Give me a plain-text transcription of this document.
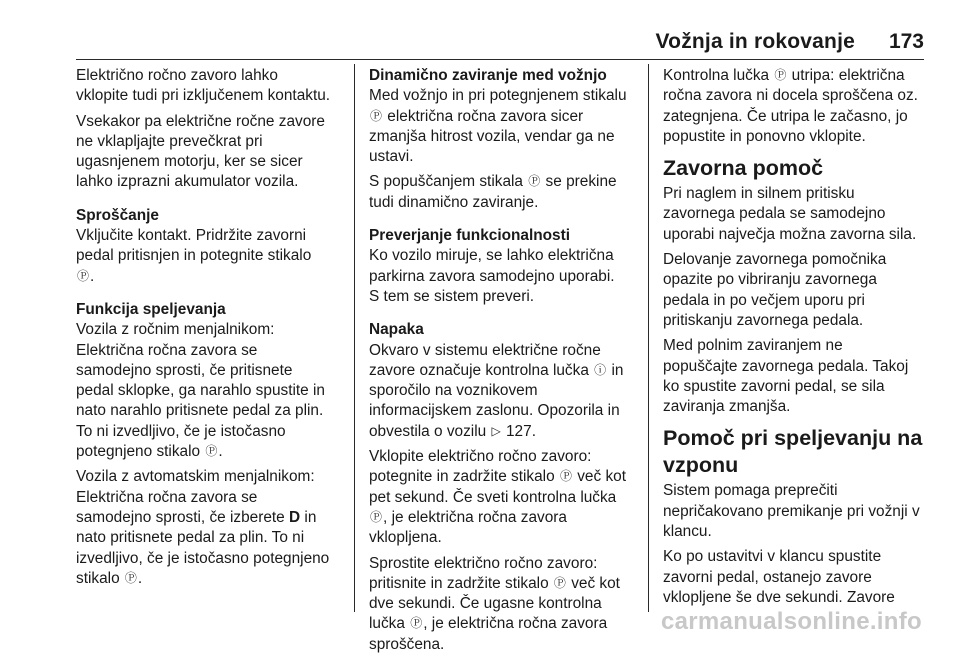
Vožnja in rokovanje 173

Električno ročno zavoro lahko
vklopite tudi pri izključenem kontaktu.

Vsekakor pa električne ročne zavore
ne vklapljajte prevečkrat pri
ugasnjenem motorju, ker se sicer
lahko izprazni akumulator vozila.

Sproščanje

Vključite kontakt. Pridržite zavorni
pedal pritisnjen in potegnite stikalo
Ⓟ.

Funkcija speljevanja

Vozila z ročnim menjalnikom:
Električna ročna zavora se
samodejno sprosti, če pritisnete
pedal sklopke, ga narahlo spustite in
nato narahlo pritisnete pedal za plin.
To ni izvedljivo, če je istočasno
potegnjeno stikalo Ⓟ.

Vozila z avtomatskim menjalnikom:
Električna ročna zavora se
samodejno sprosti, če izberete D in
nato pritisnete pedal za plin. To ni
izvedljivo, če je istočasno potegnjeno
stikalo Ⓟ.

Dinamično zaviranje med vožnjo

Med vožnjo in pri potegnjenem stikalu
Ⓟ električna ročna zavora sicer
zmanjša hitrost vozila, vendar ga ne
ustavi.

S popuščanjem stikala Ⓟ se prekine
tudi dinamično zaviranje.

Preverjanje funkcionalnosti

Ko vozilo miruje, se lahko električna
parkirna zavora samodejno uporabi.
S tem se sistem preveri.

Napaka

Okvaro v sistemu električne ročne
zavore označuje kontrolna lučka ⓘ in
sporočilo na voznikovem
informacijskem zaslonu. Opozorila in
obvestila o vozilu ▷ 127.

Vklopite električno ročno zavoro:
potegnite in zadržite stikalo Ⓟ več kot
pet sekund. Če sveti kontrolna lučka
Ⓟ, je električna ročna zavora
vklopljena.

Sprostite električno ročno zavoro:
pritisnite in zadržite stikalo Ⓟ več kot
dve sekundi. Če ugasne kontrolna
lučka Ⓟ, je električna ročna zavora
sproščena.

Kontrolna lučka Ⓟ utripa: električna
ročna zavora ni docela sproščena oz.
zategnjena. Če utripa le začasno, jo
popustite in ponovno vklopite.

Zavorna pomoč

Pri naglem in silnem pritisku
zavornega pedala se samodejno
uporabi največja možna zavorna sila.

Delovanje zavornega pomočnika
opazite po vibriranju zavornega
pedala in po večjem uporu pri
pritiskanju zavornega pedala.

Med polnim zaviranjem ne
popuščajte zavornega pedala. Takoj
ko spustite zavorni pedal, se sila
zaviranja zmanjša.

Pomoč pri speljevanju na
vzponu

Sistem pomaga preprečiti
nepričakovano premikanje pri vožnji v
klancu.

Ko po ustavitvi v klancu spustite
zavorni pedal, ostanejo zavore
vklopljene še dve sekundi. Zavore

carmanualsonline.info
